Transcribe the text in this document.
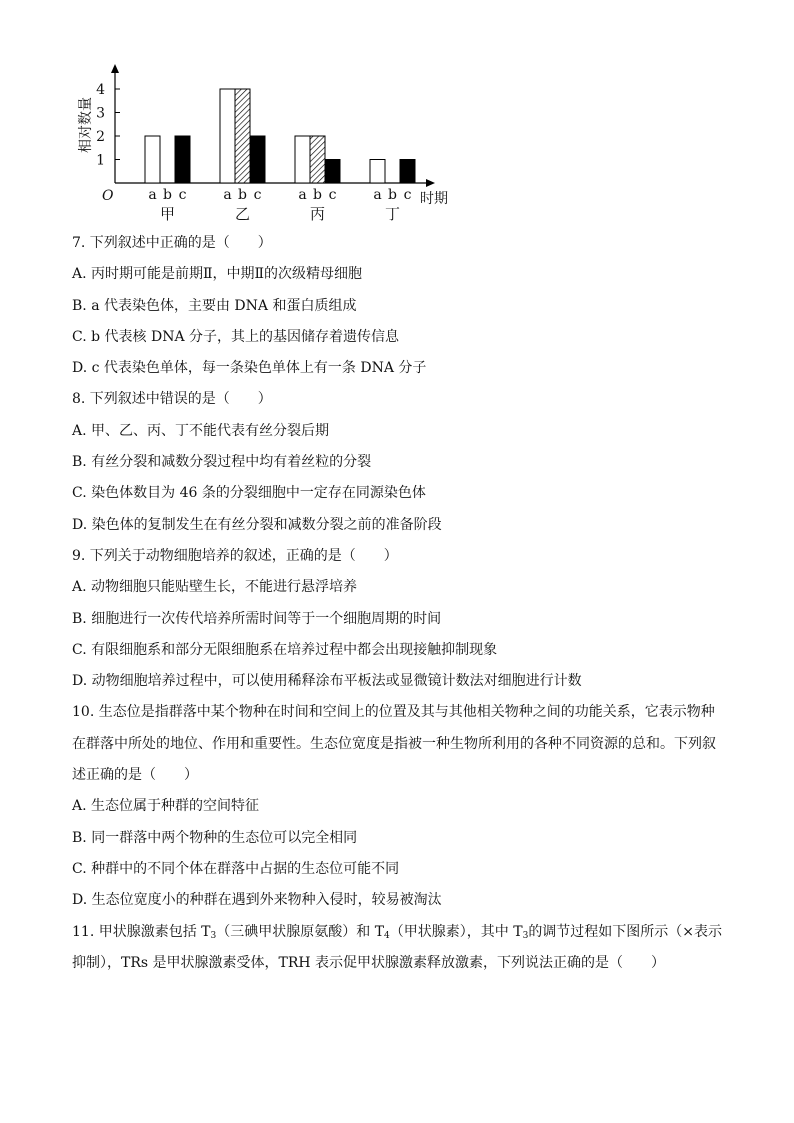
1
2
3
4
O	时期
相对数量
a b c
甲
a b c
乙
a b c
丙
a b c
丁
7. 下列叙述中正确的是（　　）
A. 丙时期可能是前期Ⅱ，中期Ⅱ的次级精母细胞
B. a 代表染色体，主要由 DNA 和蛋白质组成
C. b 代表核 DNA 分子，其上的基因储存着遗传信息
D. c 代表染色单体，每一条染色单体上有一条 DNA 分子
8. 下列叙述中错误的是（　　）
A. 甲、乙、丙、丁不能代表有丝分裂后期
B. 有丝分裂和减数分裂过程中均有着丝粒的分裂
C. 染色体数目为 46 条的分裂细胞中一定存在同源染色体
D. 染色体的复制发生在有丝分裂和减数分裂之前的准备阶段
9. 下列关于动物细胞培养的叙述，正确的是（　　）
A. 动物细胞只能贴壁生长，不能进行悬浮培养
B. 细胞进行一次传代培养所需时间等于一个细胞周期的时间
C. 有限细胞系和部分无限细胞系在培养过程中都会出现接触抑制现象
D. 动物细胞培养过程中，可以使用稀释涂布平板法或显微镜计数法对细胞进行计数
10. 生态位是指群落中某个物种在时间和空间上的位置及其与其他相关物种之间的功能关系，它表示物种
在群落中所处的地位、作用和重要性。生态位宽度是指被一种生物所利用的各种不同资源的总和。下列叙
述正确的是（　　）
A. 生态位属于种群的空间特征
B. 同一群落中两个物种的生态位可以完全相同
C. 种群中的不同个体在群落中占据的生态位可能不同
D. 生态位宽度小的种群在遇到外来物种入侵时，较易被淘汰
11. 甲状腺激素包括 $T_3$（三碘甲状腺原氨酸）和 $T_4$（甲状腺素），其中 $T_3$的调节过程如下图所示（×表示
抑制），TRs 是甲状腺激素受体，TRH 表示促甲状腺激素释放激素，下列说法正确的是（　　）
